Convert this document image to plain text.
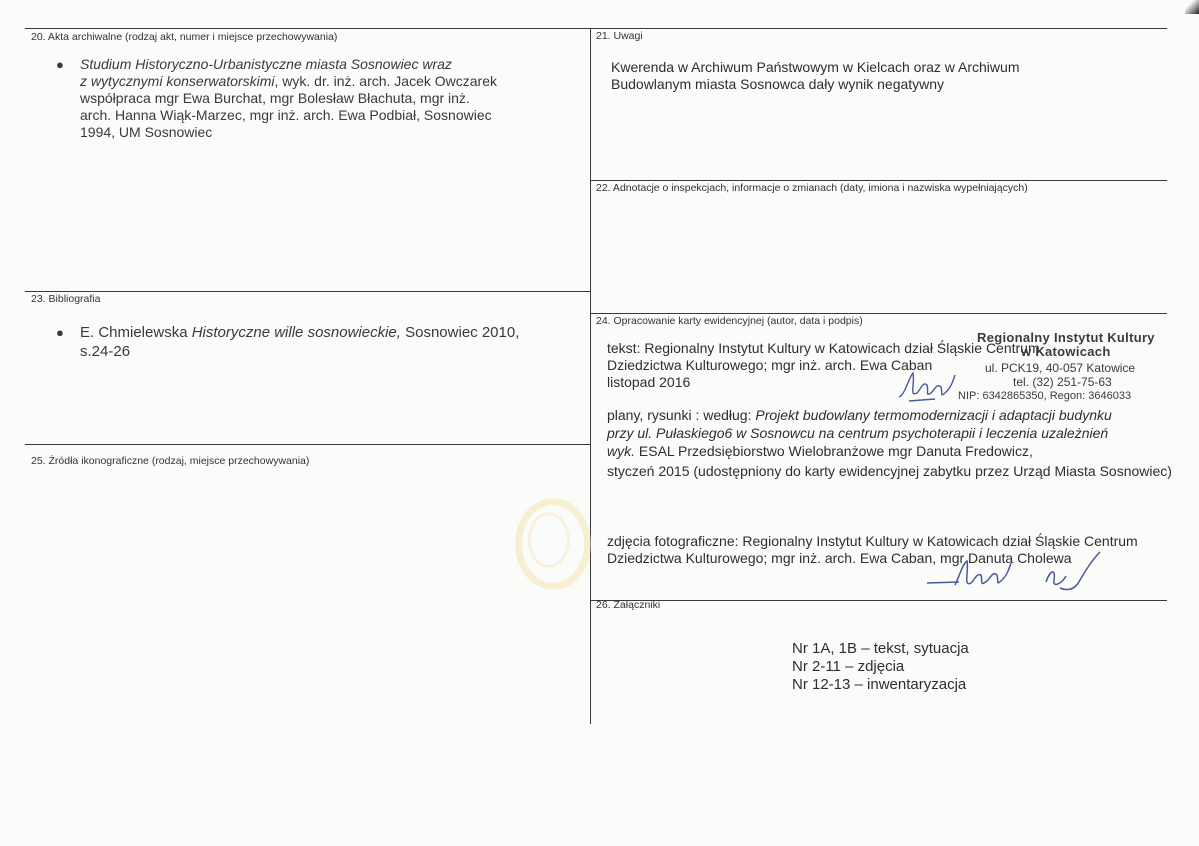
20. Akta archiwalne (rodzaj akt, numer i miejsce przechowywania)
● Studium Historyczno-Urbanistyczne miasta Sosnowiec wraz
z wytycznymi konserwatorskimi, wyk. dr. inż. arch. Jacek Owczarek
współpraca mgr Ewa Burchat, mgr Bolesław Błachuta, mgr inż.
arch. Hanna Wiąk-Marzec, mgr inż. arch. Ewa Podbiał, Sosnowiec
1994, UM Sosnowiec
21. Uwagi
Kwerenda w Archiwum Państwowym w Kielcach oraz w Archiwum
Budowlanym miasta Sosnowca dały wynik negatywny
22. Adnotacje o inspekcjach, informacje o zmianach (daty, imiona i nazwiska wypełniających)
23. Bibliografia
● E. Chmielewska Historyczne wille sosnowieckie, Sosnowiec 2010,
s.24-26
24. Opracowanie karty ewidencyjnej (autor, data i podpis)
tekst: Regionalny Instytut Kultury w Katowicach dział Śląskie Centrum
Dziedzictwa Kulturowego; mgr inż. arch. Ewa Caban
listopad 2016
Regionalny Instytut Kultury
w Katowicach
ul. PCK19, 40-057 Katowice
tel. (32) 251-75-63
NIP: 6342865350, Regon: 3646033
plany, rysunki : według: Projekt budowlany termomodernizacji i adaptacji budynku
przy ul. Pułaskiego6 w Sosnowcu na centrum psychoterapii i leczenia uzależnień
wyk. ESAL Przedsiębiorstwo Wielobranżowe mgr Danuta Fredowicz,
styczeń 2015 (udostępniony do karty ewidencyjnej zabytku przez Urząd Miasta Sosnowiec)
zdjęcia fotograficzne: Regionalny Instytut Kultury w Katowicach dział Śląskie Centrum
Dziedzictwa Kulturowego; mgr inż. arch. Ewa Caban, mgr Danuta Cholewa
25. Źródła ikonograficzne (rodzaj, miejsce przechowywania)
26. Załączniki
Nr 1A, 1B – tekst, sytuacja
Nr 2-11 – zdjęcia
Nr 12-13 – inwentaryzacja
